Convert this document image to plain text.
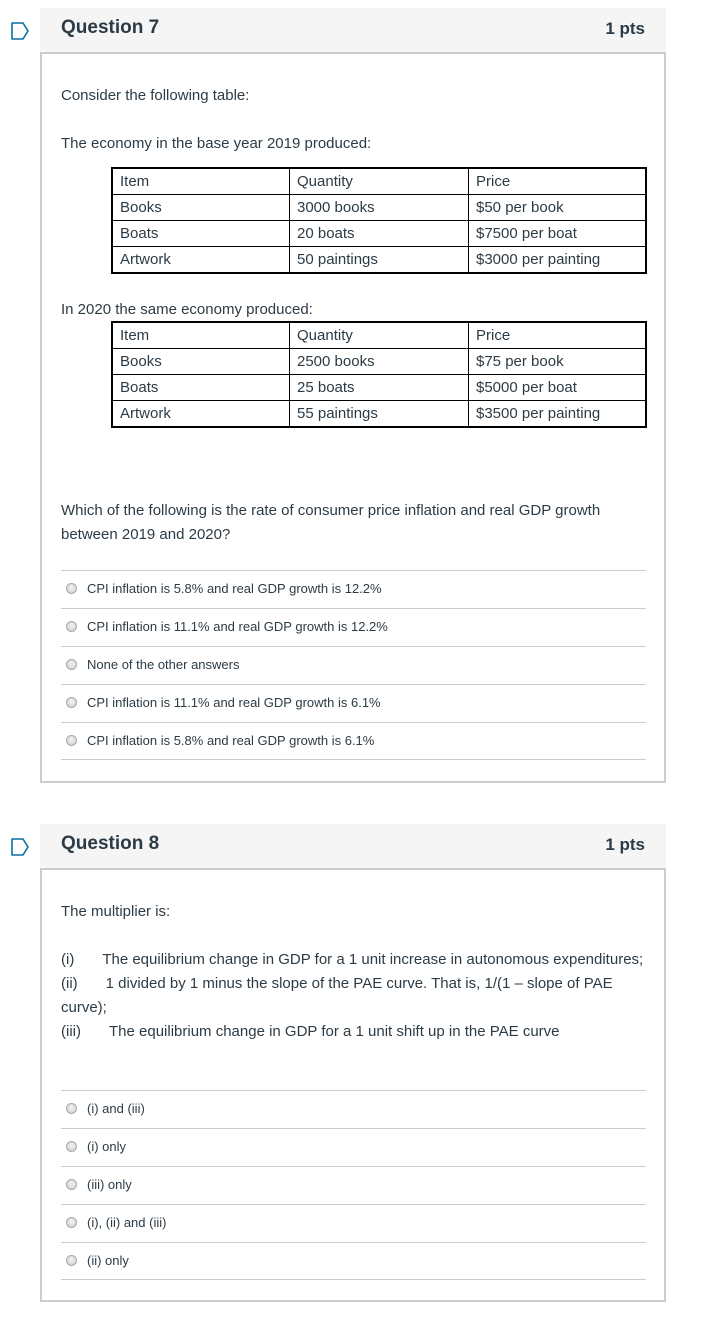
Question 7	1 pts

Consider the following table:

The economy in the base year 2019 produced:

Item	Quantity	Price
Books	3000 books	$50 per book
Boats	20 boats	$7500 per boat
Artwork	50 paintings	$3000 per painting

In 2020 the same economy produced:

Item	Quantity	Price
Books	2500 books	$75 per book
Boats	25 boats	$5000 per boat
Artwork	55 paintings	$3500 per painting
Which of the following is the rate of consumer price inflation and real GDP growth between 2019 and 2020?
CPI inflation is 5.8% and real GDP growth is 12.2%
CPI inflation is 11.1% and real GDP growth is 12.2%
None of the other answers
CPI inflation is 11.1% and real GDP growth is 6.1%
CPI inflation is 5.8% and real GDP growth is 6.1%
Question 8	1 pts

The multiplier is:

(i) The equilibrium change in GDP for a 1 unit increase in autonomous expenditures;
(ii) 1 divided by 1 minus the slope of the PAE curve. That is, 1/(1 – slope of PAE curve);
(iii) The equilibrium change in GDP for a 1 unit shift up in the PAE curve
(i) and (iii)
(i) only
(iii) only
(i), (ii) and (iii)
(ii) only
